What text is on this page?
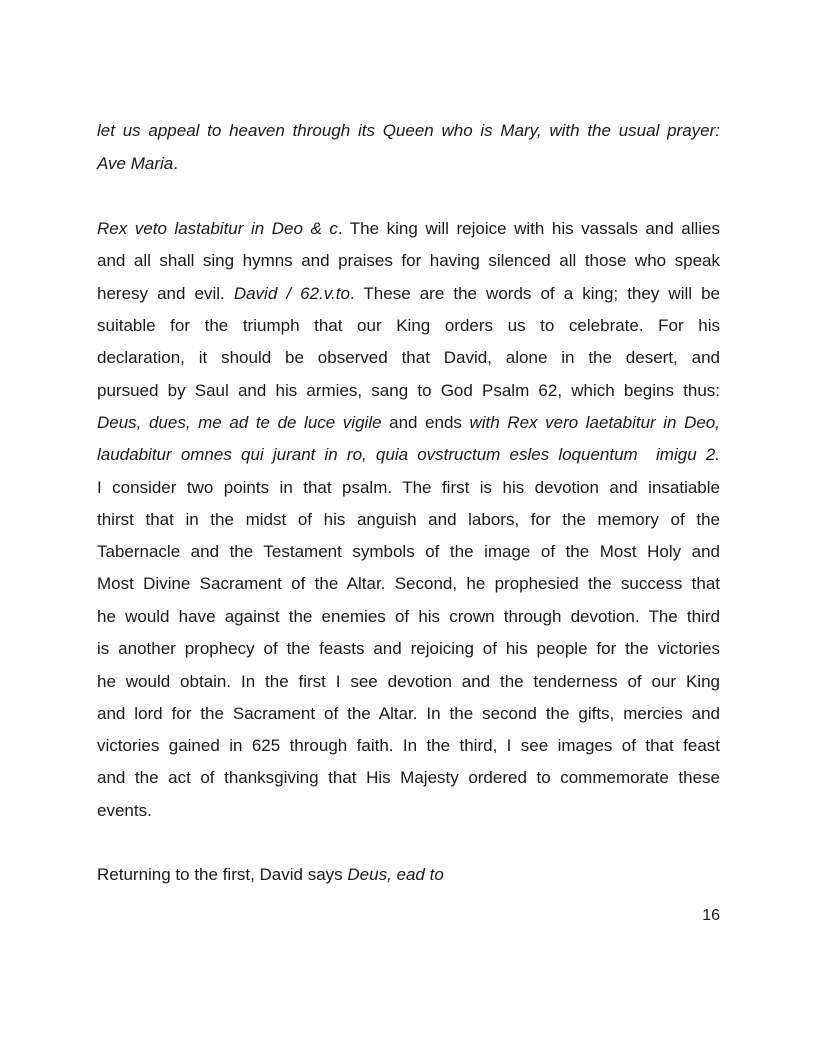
let us appeal to heaven through its Queen who is Mary, with the usual prayer:
Ave Maria.
Rex veto lastabitur in Deo & c. The king will rejoice with his vassals and allies
and all shall sing hymns and praises for having silenced all those who speak
heresy and evil. David / 62.v.to. These are the words of a king; they will be
suitable for the triumph that our King orders us to celebrate. For his
declaration, it should be observed that David, alone in the desert, and
pursued by Saul and his armies, sang to God Psalm 62, which begins thus:
Deus, dues, me ad te de luce vigile and ends with Rex vero laetabitur in Deo,
laudabitur omnes qui jurant in ro, quia ovstructum esles loquentum  imigu 2.
I consider two points in that psalm. The first is his devotion and insatiable
thirst that in the midst of his anguish and labors, for the memory of the
Tabernacle and the Testament symbols of the image of the Most Holy and
Most Divine Sacrament of the Altar. Second, he prophesied the success that
he would have against the enemies of his crown through devotion. The third
is another prophecy of the feasts and rejoicing of his people for the victories
he would obtain. In the first I see devotion and the tenderness of our King
and lord for the Sacrament of the Altar. In the second the gifts, mercies and
victories gained in 625 through faith. In the third, I see images of that feast
and the act of thanksgiving that His Majesty ordered to commemorate these
events.
Returning to the first, David says Deus, ead to
16
